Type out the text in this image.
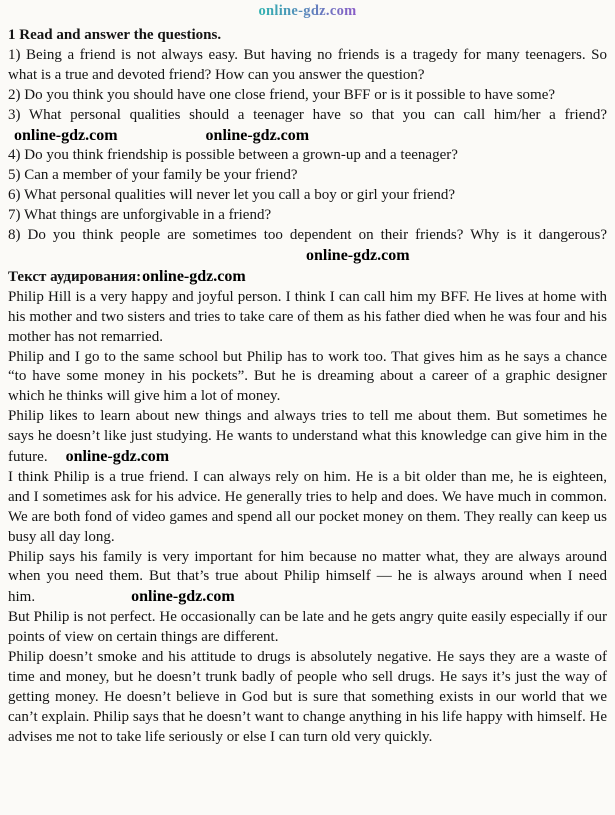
online-gdz.com
1 Read and answer the questions.

1) Being a friend is not always easy. But having no friends is a tragedy for many teenagers. So what is a true and devoted friend? How can you answer the question?

2) Do you think you should have one close friend, your BFF or is it possible to have some?

3) What personal qualities should a teenager have so that you can call him/her a friend?online-gdz.com	online-gdz.com

4) Do you think friendship is possible between a grown-up and a teenager?

5) Can a member of your family be your friend?

6) What personal qualities will never let you call a boy or girl your friend?

7) What things are unforgivable in a friend?

8) Do you think people are sometimes too dependent on their friends? Why is it dangerous?online-gdz.com

Текст аудирования:online-gdz.com

Philip Hill is a very happy and joyful person. I think I can call him my BFF. He lives at home with his mother and two sisters and tries to take care of them as his father died when he was four and his mother has not remarried.

Philip and I go to the same school but Philip has to work too. That gives him as he says a chance “to have some money in his pockets”. But he is dreaming about a career of a graphic designer which he thinks will give him a lot of money.

Philip likes to learn about new things and always tries to tell me about them. But sometimes he says he doesn’t like just studying. He wants to understand what this knowledge can give him in the future. online-gdz.com

I think Philip is a true friend. I can always rely on him. He is a bit older than me, he is eighteen, and I sometimes ask for his advice. He generally tries to help and does. We have much in common. We are both fond of video games and spend all our pocket money on them. They really can keep us busy all day long.

Philip says his family is very important for him because no matter what, they are always around when you need them. But that’s true about Philip himself — he is always around when I need him.	online-gdz.com

But Philip is not perfect. He occasionally can be late and he gets angry quite easily especially if our points of view on certain things are different.

Philip doesn’t smoke and his attitude to drugs is absolutely negative. He says they are a waste of time and money, but he doesn’t trunk badly of people who sell drugs. He says it’s just the way of getting money. He doesn’t believe in God but is sure that something exists in our world that we can’t explain. Philip says that he doesn’t want to change anything in his life happy with himself. He advises me not to take life seriously or else I can turn old very quickly.
